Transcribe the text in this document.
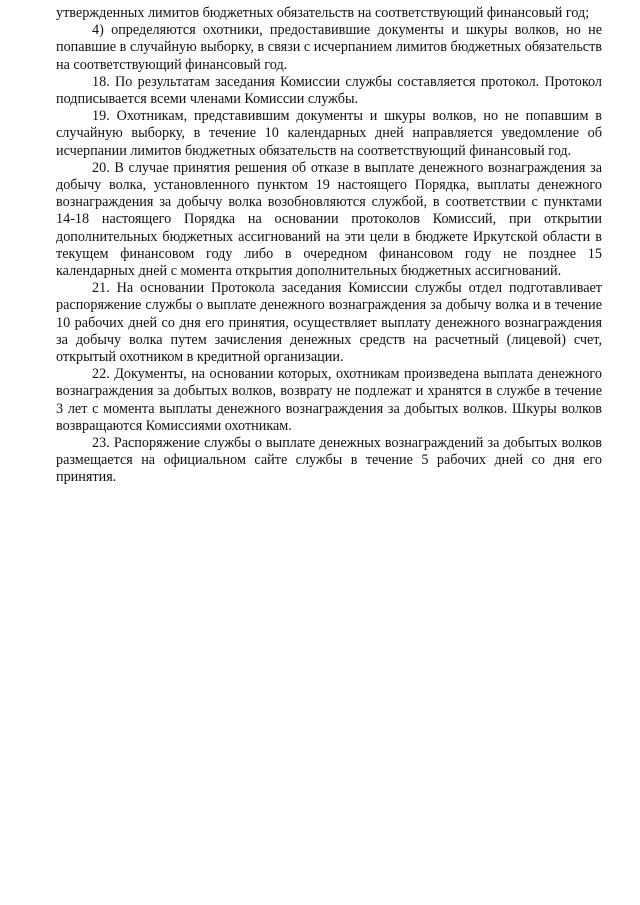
утвержденных лимитов бюджетных обязательств на соответствующий финансовый год;

4) определяются охотники, предоставившие документы и шкуры волков, но не попавшие в случайную выборку, в связи с исчерпанием лимитов бюджетных обязательств на соответствующий финансовый год.

18. По результатам заседания Комиссии службы составляется протокол. Протокол подписывается всеми членами Комиссии службы.

19. Охотникам, представившим документы и шкуры волков, но не попавшим в случайную выборку, в течение 10 календарных дней направляется уведомление об исчерпании лимитов бюджетных обязательств на соответствующий финансовый год.

20. В случае принятия решения об отказе в выплате денежного вознаграждения за добычу волка, установленного пунктом 19 настоящего Порядка, выплаты денежного вознаграждения за добычу волка возобновляются службой, в соответствии с пунктами 14-18 настоящего Порядка на основании протоколов Комиссий, при открытии дополнительных бюджетных ассигнований на эти цели в бюджете Иркутской области в текущем финансовом году либо в очередном финансовом году не позднее 15 календарных дней с момента открытия дополнительных бюджетных ассигнований.

21. На основании Протокола заседания Комиссии службы отдел подготавливает распоряжение службы о выплате денежного вознаграждения за добычу волка и в течение 10 рабочих дней со дня его принятия, осуществляет выплату денежного вознаграждения за добычу волка путем зачисления денежных средств на расчетный (лицевой) счет, открытый охотником в кредитной организации.

22. Документы, на основании которых, охотникам произведена выплата денежного вознаграждения за добытых волков, возврату не подлежат и хранятся в службе в течение 3 лет с момента выплаты денежного вознаграждения за добытых волков. Шкуры волков возвращаются Комиссиями охотникам.

23. Распоряжение службы о выплате денежных вознаграждений за добытых волков размещается на официальном сайте службы в течение 5 рабочих дней со дня его принятия.
